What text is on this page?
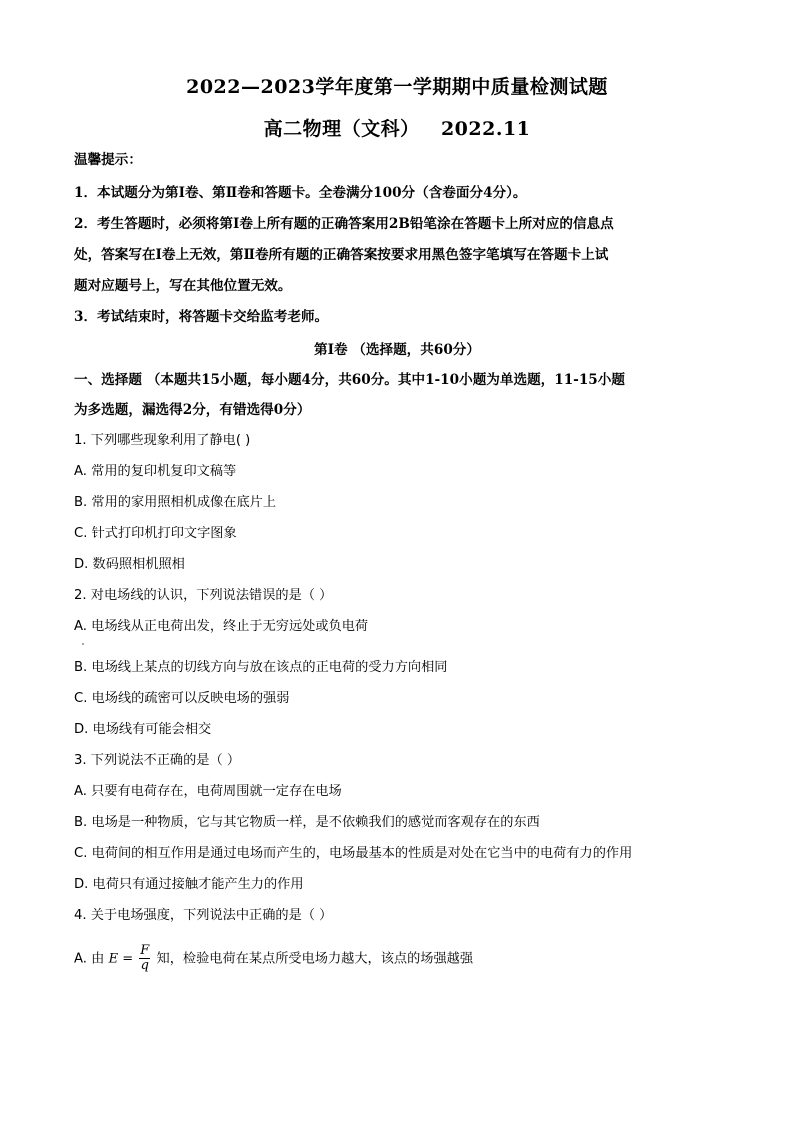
2022—2023学年度第一学期期中质量检测试题
高二物理（文科）   2022.11
温馨提示：
1．本试题分为第Ⅰ卷、第Ⅱ卷和答题卡。全卷满分100分（含卷面分4分）。
2．考生答题时，必须将第Ⅰ卷上所有题的正确答案用2B铅笔涂在答题卡上所对应的信息点
处，答案写在Ⅰ卷上无效，第Ⅱ卷所有题的正确答案按要求用黑色签字笔填写在答题卡上试
题对应题号上，写在其他位置无效。
3．考试结束时，将答题卡交给监考老师。
第Ⅰ卷 （选择题，共60分）
一、选择题 （本题共15小题，每小题4分，共60分。其中1-10小题为单选题，11-15小题
为多选题，漏选得2分，有错选得0分）
1. 下列哪些现象利用了静电( )
A. 常用的复印机复印文稿等
B. 常用的家用照相机成像在底片上
C. 针式打印机打印文字图象
D. 数码照相机照相
2. 对电场线的认识，下列说法错误的是（ ）
A. 电场线从正电荷出发，终止于无穷远处或负电荷
B. 电场线上某点的切线方向与放在该点的正电荷的受力方向相同
C. 电场线的疏密可以反映电场的强弱
D. 电场线有可能会相交
3. 下列说法不正确的是（ ）
A. 只要有电荷存在，电荷周围就一定存在电场
B. 电场是一种物质，它与其它物质一样，是不依赖我们的感觉而客观存在的东西
C. 电荷间的相互作用是通过电场而产生的，电场最基本的性质是对处在它当中的电荷有力的作用
D. 电荷只有通过接触才能产生力的作用
4. 关于电场强度，下列说法中正确的是（ ）
A. 由 $E = \frac{F}{q}$ 知，检验电荷在某点所受电场力越大，该点的场强越强
